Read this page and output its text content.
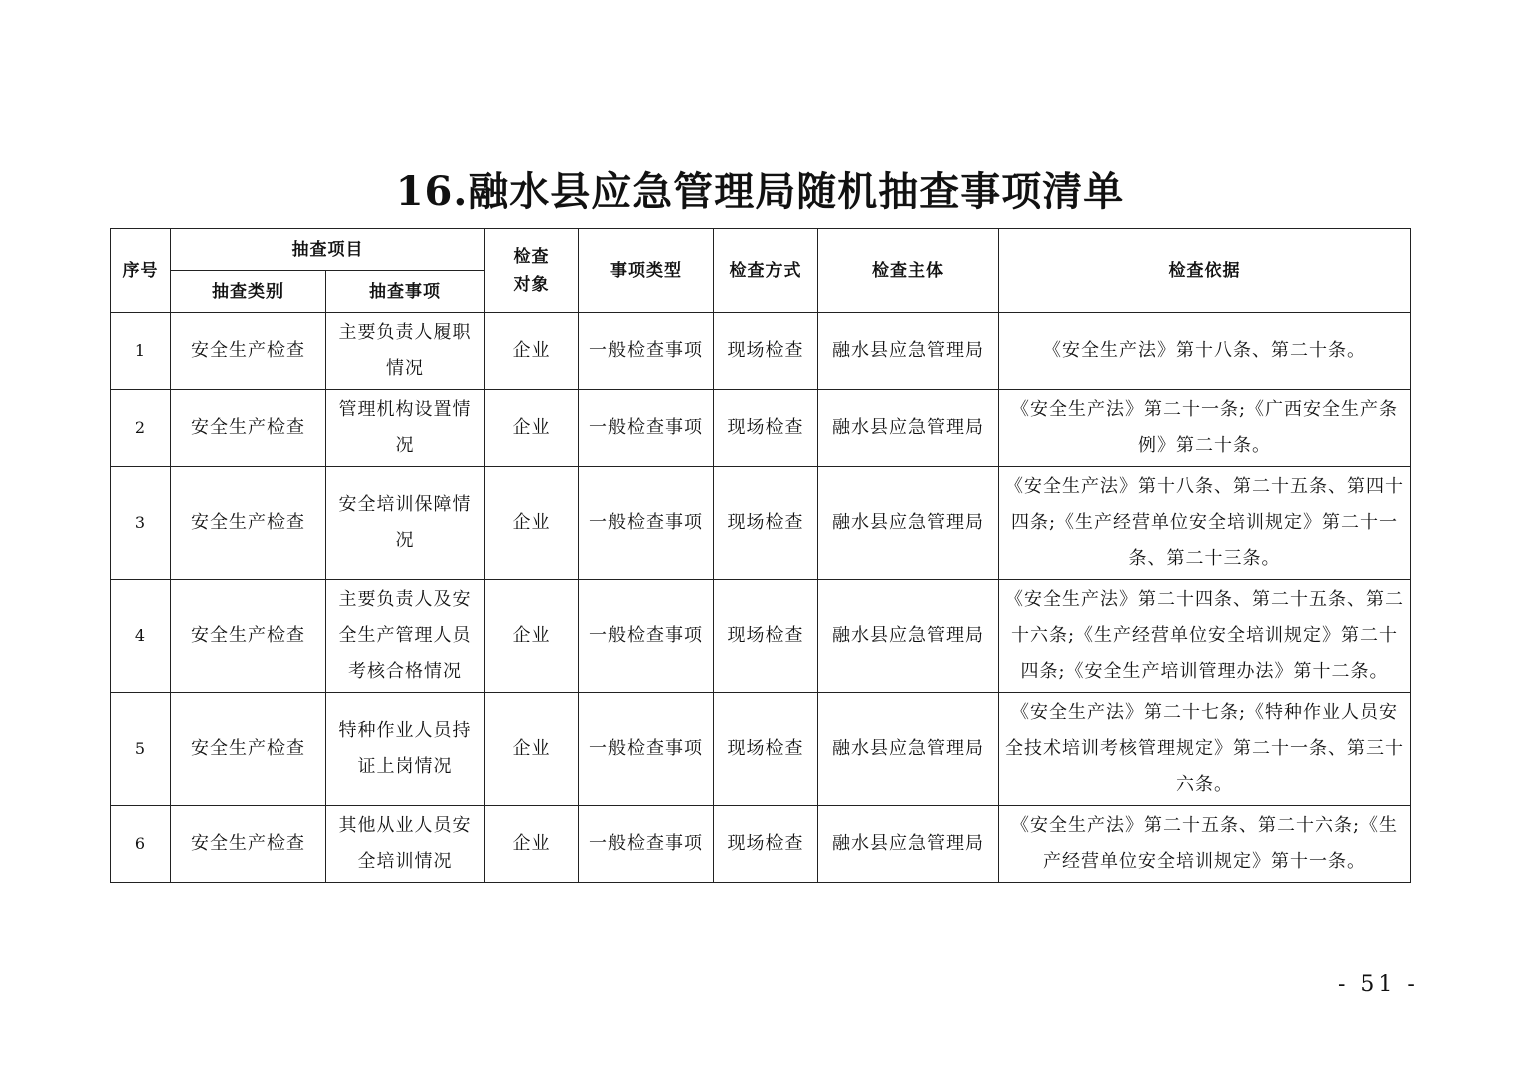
16.融水县应急管理局随机抽查事项清单
序号	抽查项目		检查对象	事项类型	检查方式	检查主体	检查依据
	抽查类别	抽查事项					
1	安全生产检查	主要负责人履职情况	企业	一般检查事项	现场检查	融水县应急管理局	《安全生产法》第十八条、第二十条。
2	安全生产检查	管理机构设置情况	企业	一般检查事项	现场检查	融水县应急管理局	《安全生产法》第二十一条;《广西安全生产条例》第二十条。
3	安全生产检查	安全培训保障情况	企业	一般检查事项	现场检查	融水县应急管理局	《安全生产法》第十八条、第二十五条、第四十四条;《生产经营单位安全培训规定》第二十一条、第二十三条。
4	安全生产检查	主要负责人及安全生产管理人员考核合格情况	企业	一般检查事项	现场检查	融水县应急管理局	《安全生产法》第二十四条、第二十五条、第二十六条;《生产经营单位安全培训规定》第二十四条;《安全生产培训管理办法》第十二条。
5	安全生产检查	特种作业人员持证上岗情况	企业	一般检查事项	现场检查	融水县应急管理局	《安全生产法》第二十七条;《特种作业人员安全技术培训考核管理规定》第二十一条、第三十六条。
6	安全生产检查	其他从业人员安全培训情况	企业	一般检查事项	现场检查	融水县应急管理局	《安全生产法》第二十五条、第二十六条;《生产经营单位安全培训规定》第十一条。
- 51 -
